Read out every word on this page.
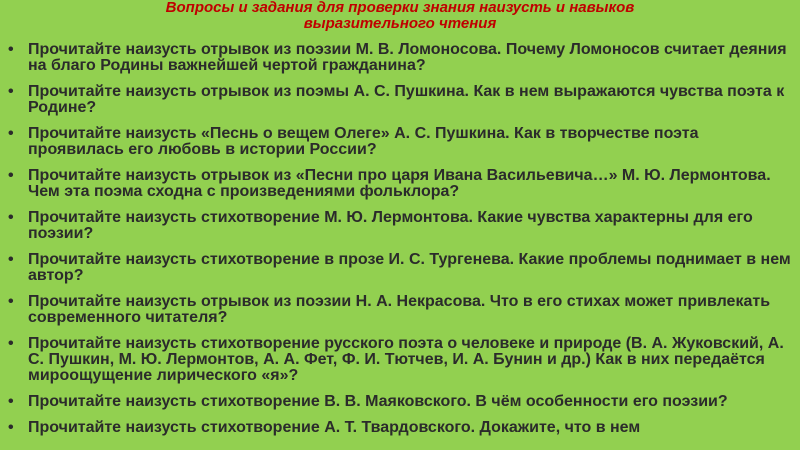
Вопросы и задания для проверки знания наизусть и навыков
выразительного чтения
• Прочитайте наизусть отрывок из поэзии М. В. Ломоносова. Почему Ломоносов считает деяния на благо Родины важнейшей чертой гражданина?
• Прочитайте наизусть отрывок из поэмы А. С. Пушкина. Как в нем выражаются чувства поэта к Родине?
• Прочитайте наизусть «Песнь о вещем Олеге» А. С. Пушкина. Как в творчестве поэта проявилась его любовь в истории России?
• Прочитайте наизусть отрывок из «Песни про царя Ивана Васильевича…» М. Ю. Лермонтова. Чем эта поэма сходна с произведениями фольклора?
• Прочитайте наизусть стихотворение М. Ю. Лермонтова. Какие чувства характерны для его поэзии?
• Прочитайте наизусть стихотворение в прозе И. С. Тургенева. Какие проблемы поднимает в нем автор?
• Прочитайте наизусть отрывок из поэзии Н. А. Некрасова. Что в его стихах может привлекать современного читателя?
• Прочитайте наизусть стихотворение русского поэта о человеке и природе (В. А. Жуковский, А. С. Пушкин, М. Ю. Лермонтов, А. А. Фет, Ф. И. Тютчев, И. А. Бунин и др.) Как в них передаётся мироощущение лирического «я»?
• Прочитайте наизусть стихотворение В. В. Маяковского. В чём особенности его поэзии?
• Прочитайте наизусть стихотворение А. Т. Твардовского. Докажите, что в нем
